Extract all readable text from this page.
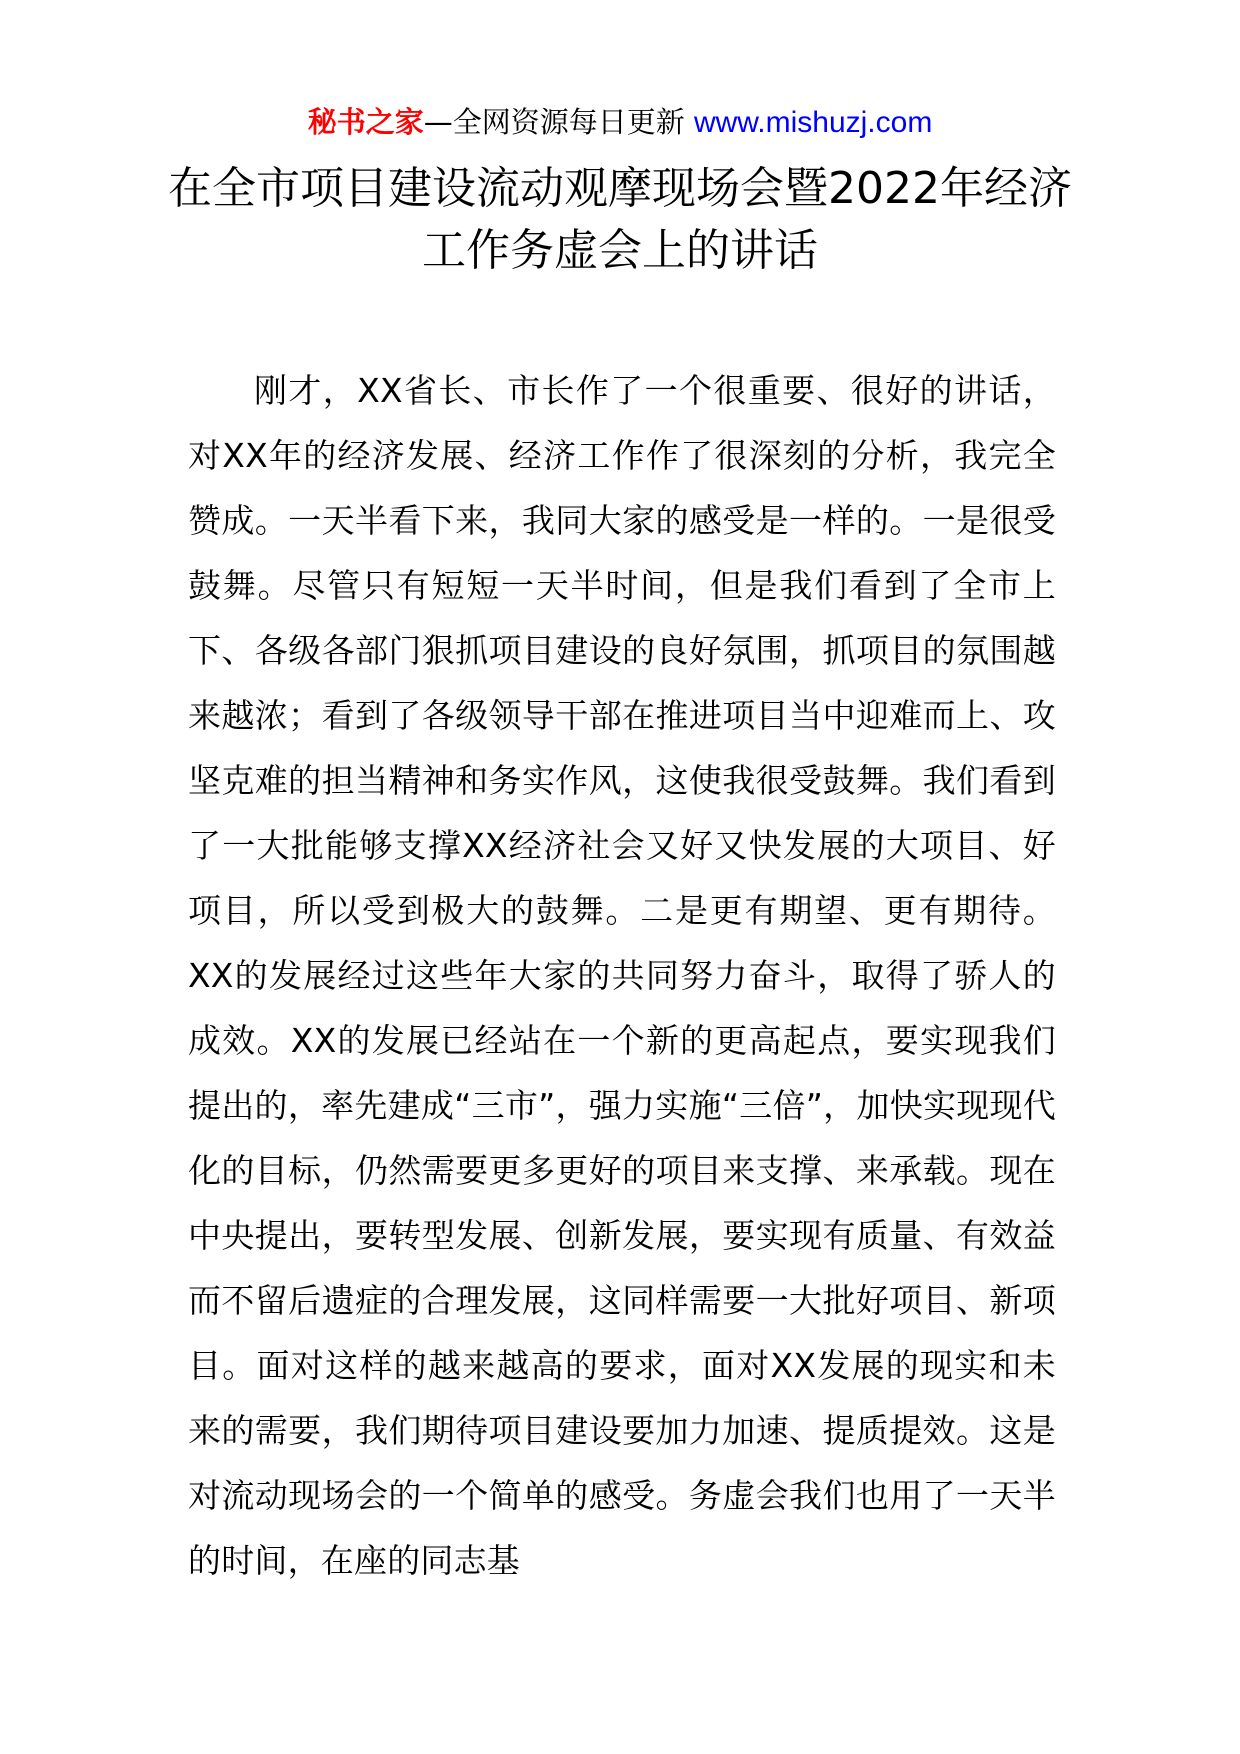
秘书之家—全网资源每日更新 www.mishuzj.com
在全市项目建设流动观摩现场会暨2022年经济工作务虚会上的讲话

刚才，XX省长、市长作了一个很重要、很好的讲话，对XX年的经济发展、经济工作作了很深刻的分析，我完全赞成。一天半看下来，我同大家的感受是一样的。一是很受鼓舞。尽管只有短短一天半时间，但是我们看到了全市上下、各级各部门狠抓项目建设的良好氛围，抓项目的氛围越来越浓；看到了各级领导干部在推进项目当中迎难而上、攻坚克难的担当精神和务实作风，这使我很受鼓舞。我们看到了一大批能够支撑XX经济社会又好又快发展的大项目、好项目，所以受到极大的鼓舞。二是更有期望、更有期待。XX的发展经过这些年大家的共同努力奋斗，取得了骄人的成效。XX的发展已经站在一个新的更高起点，要实现我们提出的，率先建成“三市”，强力实施“三倍”，加快实现现代化的目标，仍然需要更多更好的项目来支撑、来承载。现在中央提出，要转型发展、创新发展，要实现有质量、有效益而不留后遗症的合理发展，这同样需要一大批好项目、新项目。面对这样的越来越高的要求，面对XX发展的现实和未来的需要，我们期待项目建设要加力加速、提质提效。这是对流动现场会的一个简单的感受。务虚会我们也用了一天半的时间，在座的同志基
